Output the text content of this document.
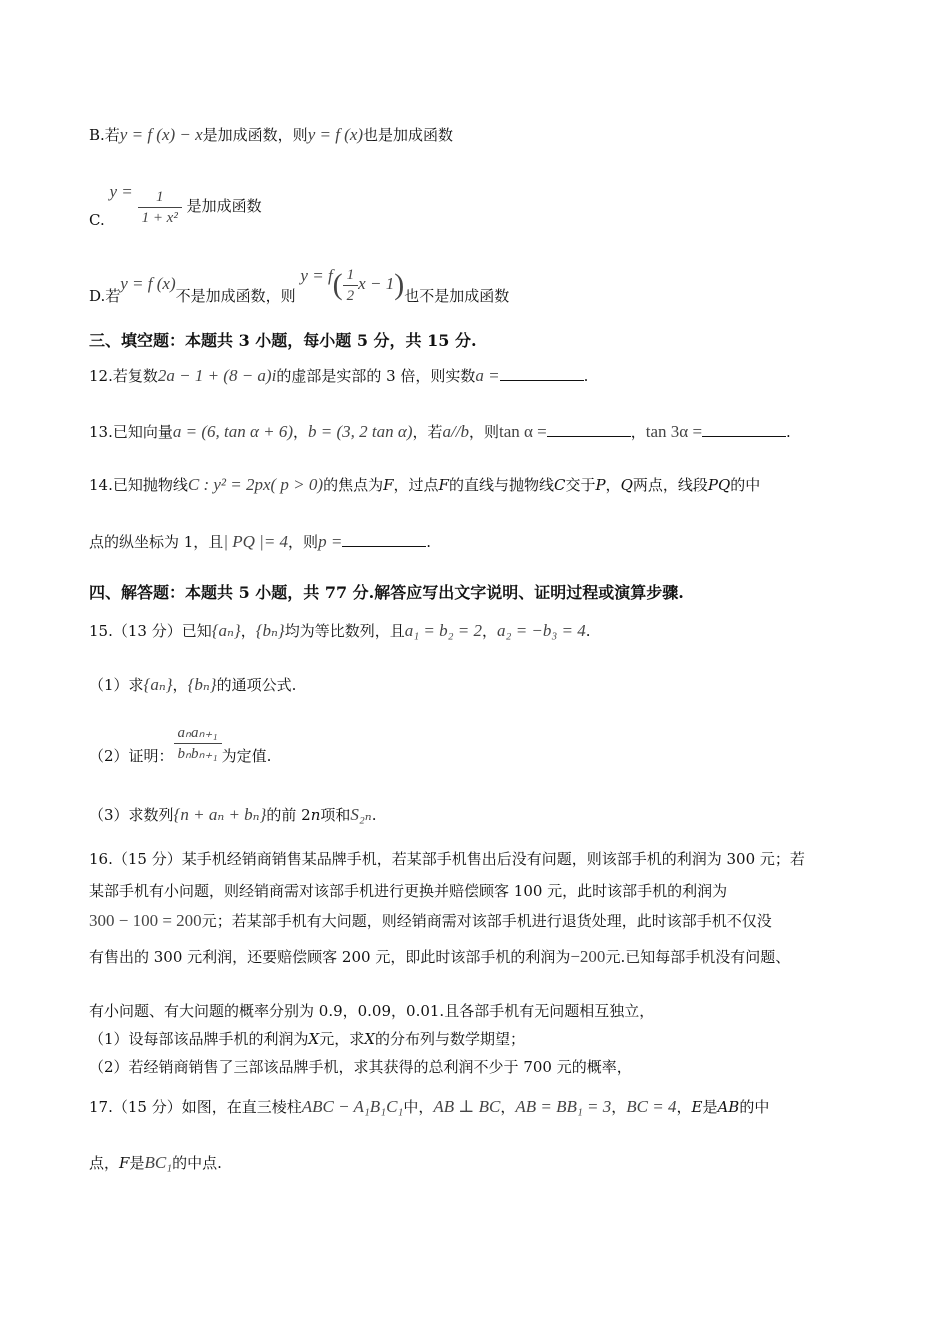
B.若y = f (x) − x是加成函数，则y = f (x)也是加成函数
C. $y = \frac{1}{\text{1 + x²}}$ 是加成函数
D.若y = f (x)不是加成函数，则 $y = f( \frac{1}{2}$ x − 1)也不是加成函数
三、填空题：本题共 3 小题，每小题 5 分，共 15 分.
12.若复数2a − 1 + (8 − a)i的虚部是实部的 3 倍，则实数a =	.
13.已知向量a = (6, tan α + 6)，b = (3, 2 tan α)，若a//b，则tan α =	，tan 3α =	.
14.已知抛物线C : y² = 2px( p > 0)的焦点为F，过点F的直线与抛物线C交于P，Q两点，线段PQ的中
点的纵坐标为 1，且| PQ |= 4，则p =	.
四、解答题：本题共 5 小题，共 77 分.解答应写出文字说明、证明过程或演算步骤.
15.（13 分）已知{aₙ}，{bₙ}均为等比数列，且a₁ = b₂ = 2，a₂ = −b₃ = 4.
（1）求{aₙ}，{bₙ}的通项公式.
（2）证明： $\frac{\text{aₙaₙ₊₁}}{\text{bₙbₙ₊₁}}$ 为定值.
（3）求数列{n + aₙ + bₙ}的前 2n项和S₂ₙ.
16.（15 分）某手机经销商销售某品牌手机，若某部手机售出后没有问题，则该部手机的利润为 300 元；若
某部手机有小问题，则经销商需对该部手机进行更换并赔偿顾客 100 元，此时该部手机的利润为
300 − 100 = 200元；若某部手机有大问题，则经销商需对该部手机进行退货处理，此时该部手机不仅没
有售出的 300 元利润，还要赔偿顾客 200 元，即此时该部手机的利润为−200元.已知每部手机没有问题、
有小问题、有大问题的概率分别为 0.9，0.09，0.01.且各部手机有无问题相互独立，
（1）设每部该品牌手机的利润为X元，求X的分布列与数学期望；
（2）若经销商销售了三部该品牌手机，求其获得的总利润不少于 700 元的概率，
17.（15 分）如图，在直三棱柱ABC − A₁B₁C₁中，AB ⊥ BC，AB = BB₁ = 3，BC = 4，E是AB的中
点，F是BC₁的中点.
